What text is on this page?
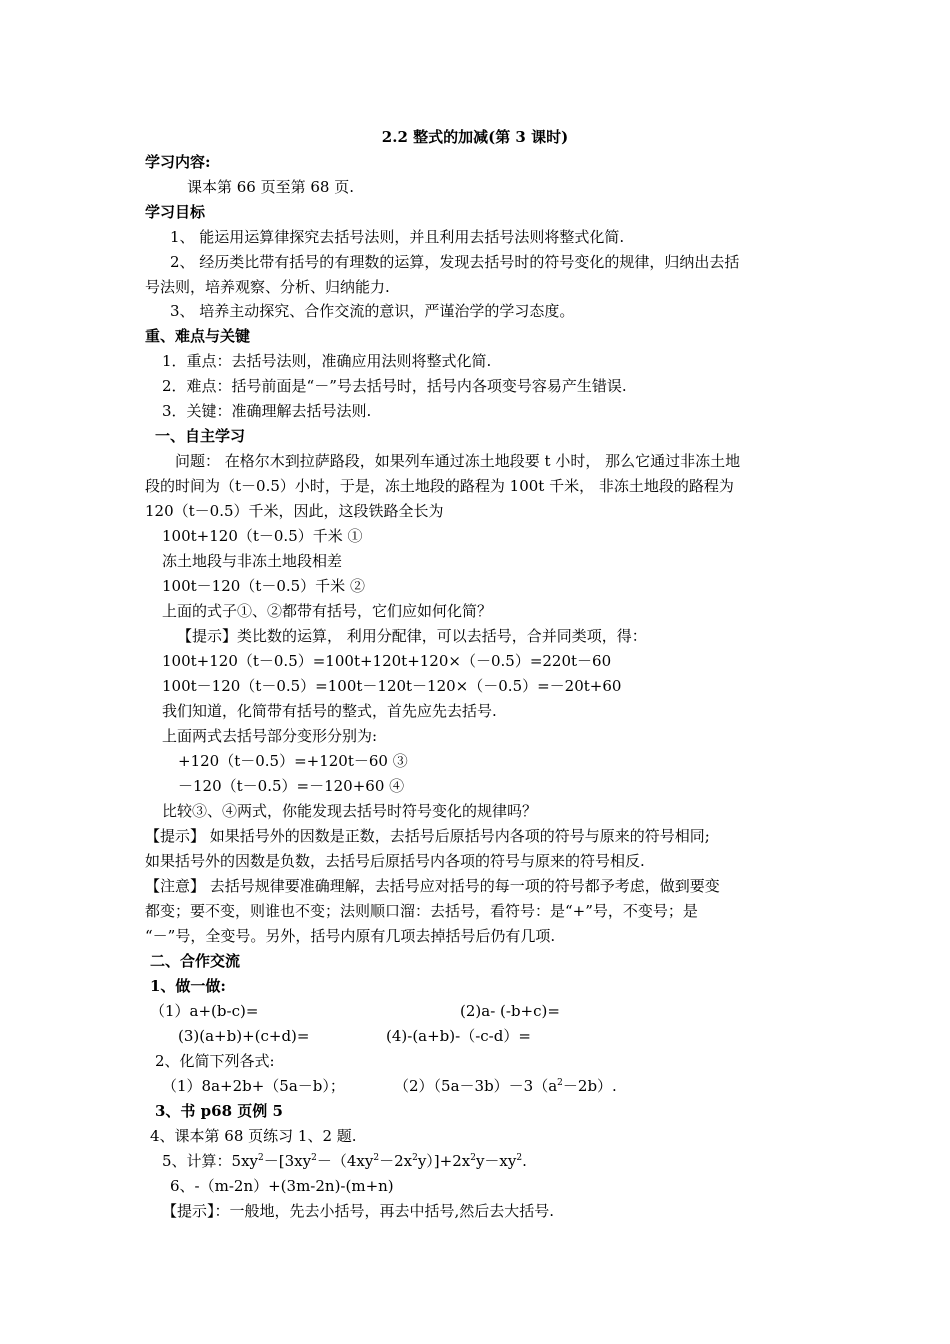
2.2 整式的加减(第 3 课时)
学习内容:
课本第 66 页至第 68 页.
学习目标
1、 能运用运算律探究去括号法则，并且利用去括号法则将整式化简.
2、 经历类比带有括号的有理数的运算，发现去括号时的符号变化的规律，归纳出去括
号法则，培养观察、分析、归纳能力.
3、 培养主动探究、合作交流的意识，严谨治学的学习态度。
重、难点与关键
1．重点：去括号法则，准确应用法则将整式化简.
2．难点：括号前面是“－”号去括号时，括号内各项变号容易产生错误.
3．关键：准确理解去括号法则.
一、自主学习
问题： 在格尔木到拉萨路段，如果列车通过冻土地段要 t 小时， 那么它通过非冻土地
段的时间为（t－0.5）小时，于是，冻土地段的路程为 100t 千米， 非冻土地段的路程为
120（t－0.5）千米，因此，这段铁路全长为
100t+120（t－0.5）千米 ①
冻土地段与非冻土地段相差
100t－120（t－0.5）千米 ②
上面的式子①、②都带有括号，它们应如何化简？
【提示】类比数的运算， 利用分配律，可以去括号，合并同类项，得：
100t+120（t－0.5）=100t+120t+120×（－0.5）=220t－60
100t－120（t－0.5）=100t－120t－120×（－0.5）=－20t+60
我们知道，化简带有括号的整式，首先应先去括号.
上面两式去括号部分变形分别为:
+120（t－0.5）=+120t－60 ③
－120（t－0.5）=－120+60 ④
比较③、④两式，你能发现去括号时符号变化的规律吗？
【提示】 如果括号外的因数是正数，去括号后原括号内各项的符号与原来的符号相同;
如果括号外的因数是负数，去括号后原括号内各项的符号与原来的符号相反.
【注意】 去括号规律要准确理解，去括号应对括号的每一项的符号都予考虑，做到要变
都变；要不变，则谁也不变；法则顺口溜：去括号，看符号：是“+”号，不变号；是
“－”号，全变号。另外，括号内原有几项去掉括号后仍有几项.
二、合作交流
1、做一做:
（1）a+(b-c)=	(2)a- (-b+c)=
(3)(a+b)+(c+d)=	(4)-(a+b)-（-c-d）=
2、化简下列各式:
（1）8a+2b+（5a－b）；	$(2)(5a-3b)-3(a^2-2b)$.
3、书 p68 页例 5
4、课本第 68 页练习 1、2 题.
5、计算：$5xy^2-[3xy^2-(4xy^2-2x^2y)]+2x^2y-xy^2$.
6、-（m-2n）+(3m-2n)-(m+n)
【提示】：一般地，先去小括号，再去中括号,然后去大括号.
